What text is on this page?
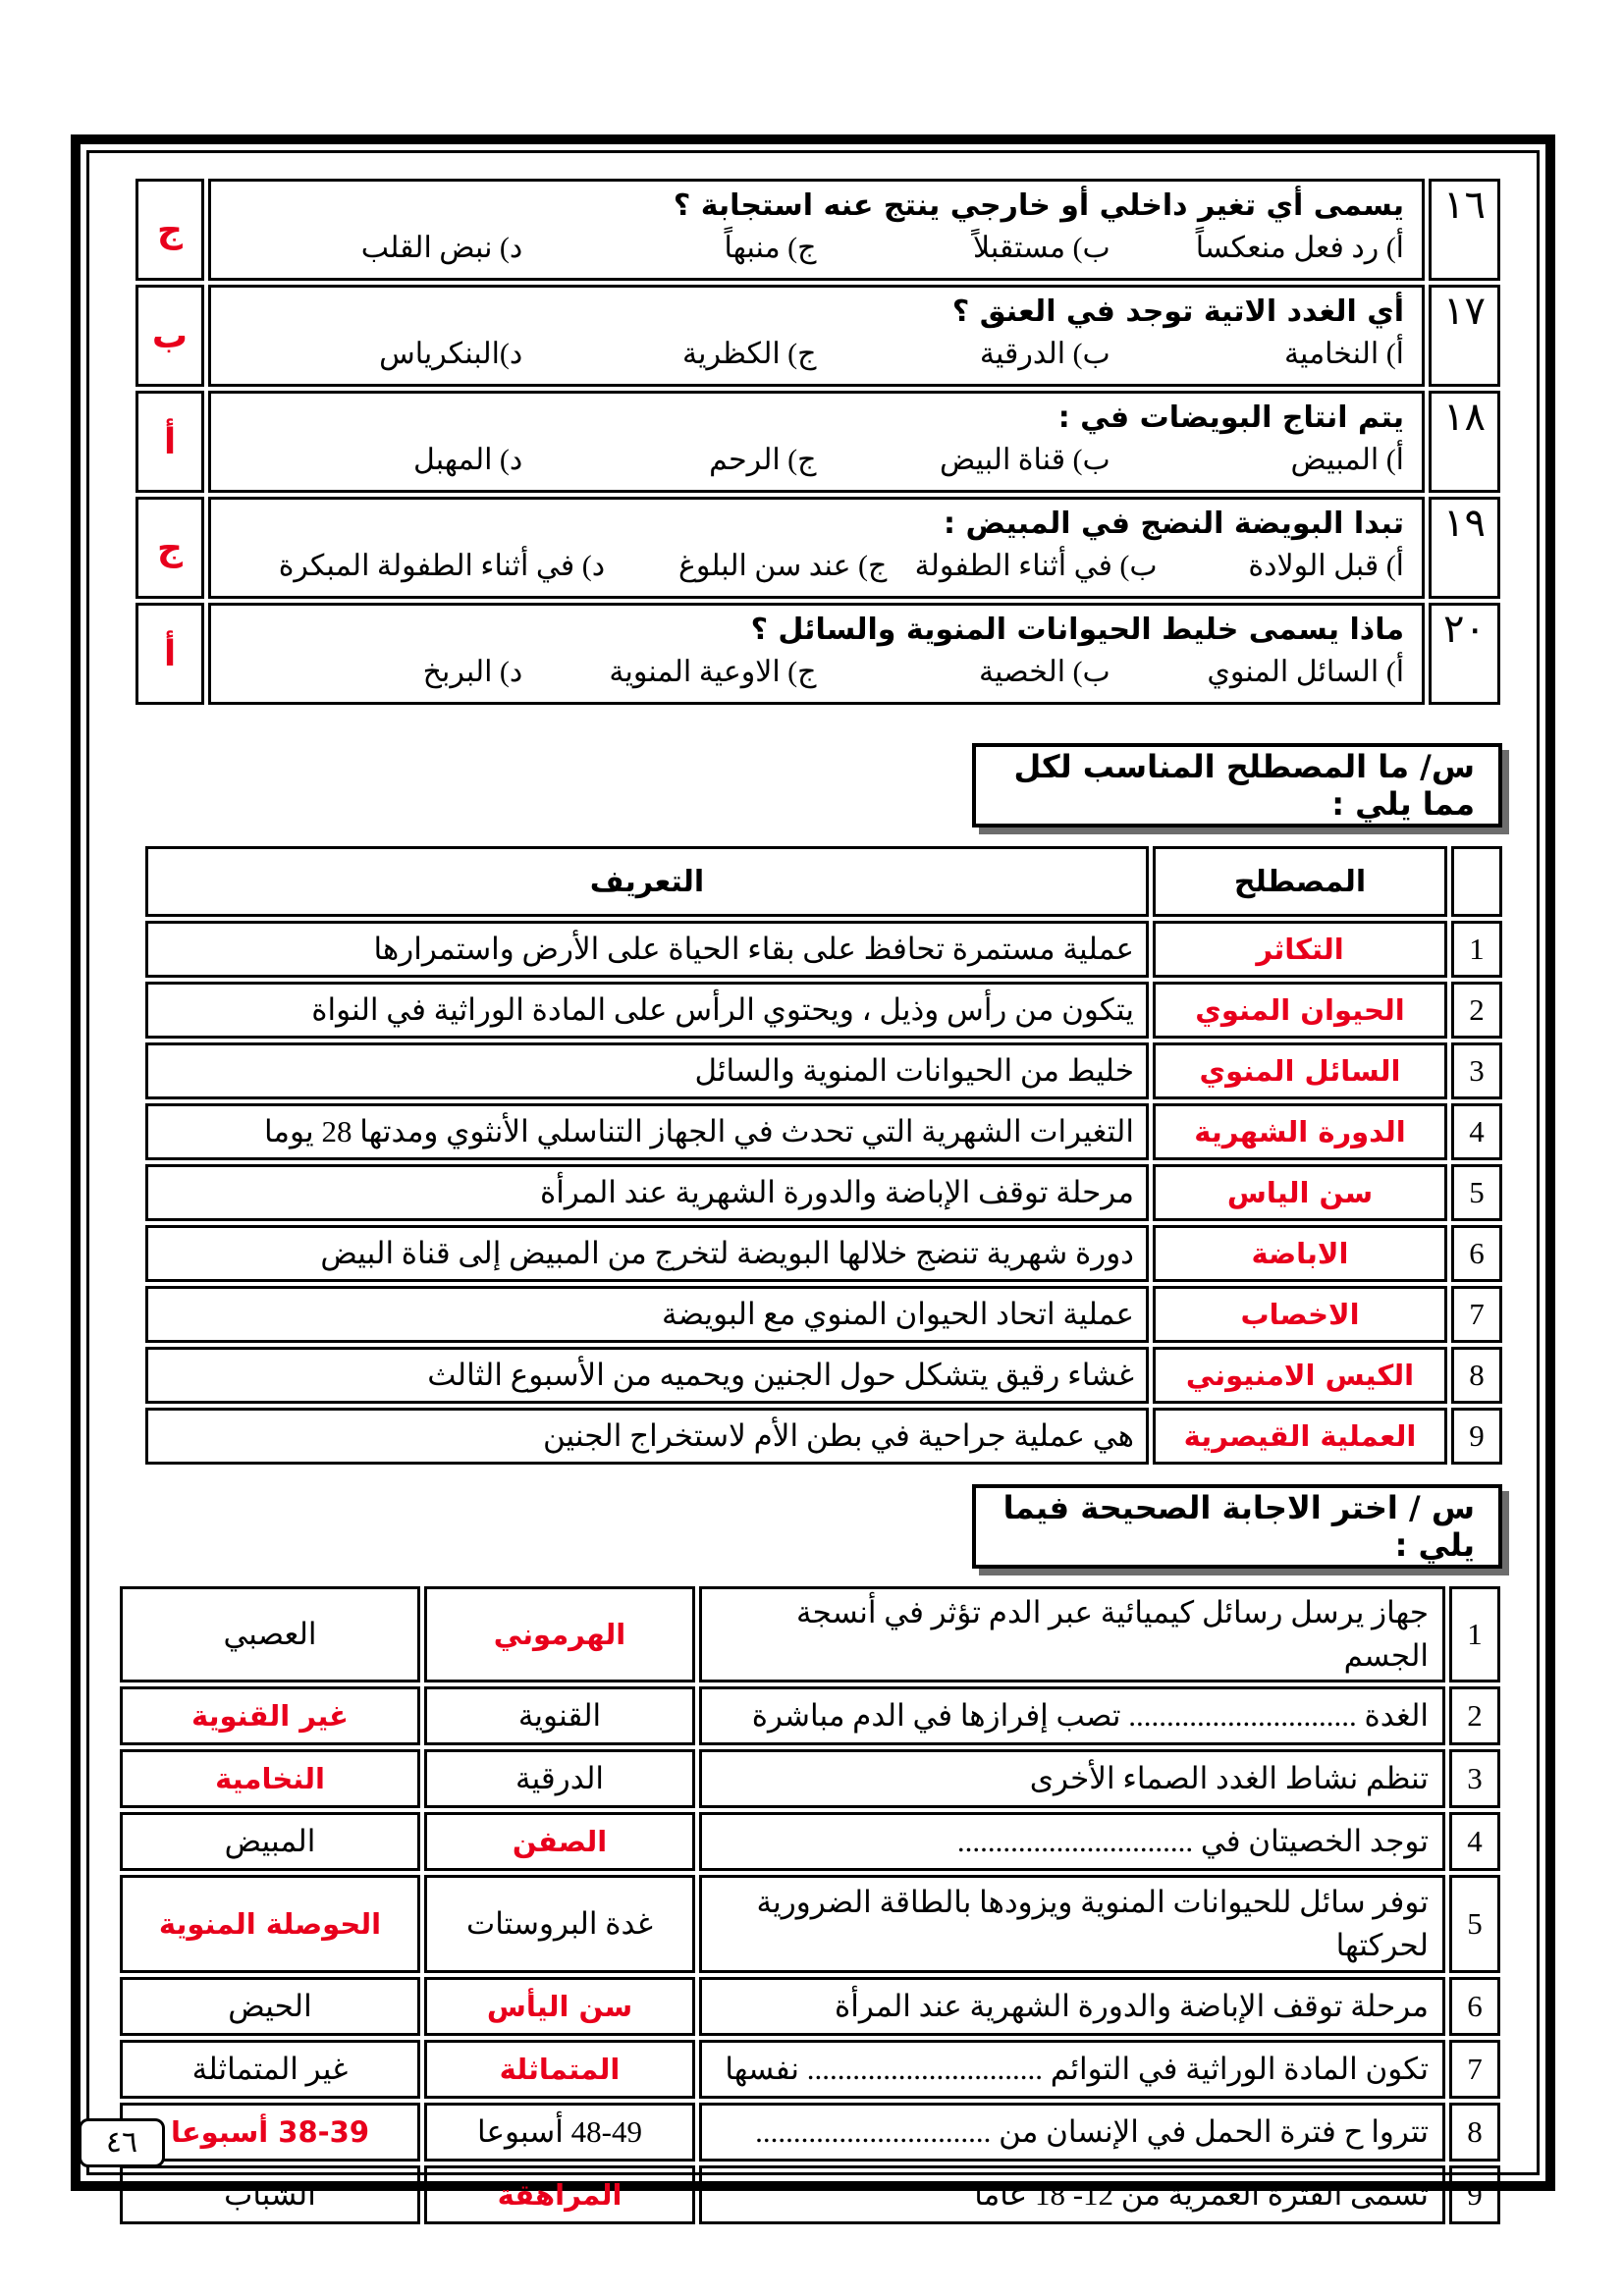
١٦	يسمى أي تغير داخلي أو خارجي ينتج عنه استجابة ؟
أ) رد فعل منعكساً
ب) مستقبلاً
ج) منبهاً
د) نبض القلب	ج
١٧	أي الغدد الاتية توجد في العنق ؟
أ) النخامية
ب) الدرقية
ج) الكظرية
د)البنكرياس	ب
١٨	يتم انتاج البويضات في :
أ) المبيض
ب) قناة البيض
ج) الرحم
د) المهبل	أ
١٩	تبدا البويضة النضج في المبيض :
أ) قبل الولادة
ب) في أثناء الطفولة
ج) عند سن البلوغ
د) في أثناء الطفولة المبكرة	ج
٢٠	ماذا يسمى خليط الحيوانات المنوية والسائل ؟
أ) السائل المنوي
ب) الخصية
ج) الاوعية المنوية
د) البربخ	أ
س/ ما المصطلح المناسب لكل مما يلي :
	المصطلح	التعريف
1	التكاثر	عملية مستمرة تحافظ على بقاء الحياة على الأرض واستمرارها
2	الحيوان المنوي	يتكون من رأس وذيل ، ويحتوي الرأس على المادة الوراثية في النواة
3	السائل المنوي	خليط من الحيوانات المنوية والسائل
4	الدورة الشهرية	التغيرات الشهرية التي تحدث في الجهاز التناسلي الأنثوي ومدتها 28 يوما
5	سن الياس	مرحلة توقف الإباضة والدورة الشهرية عند المرأة
6	الاباضة	دورة شهرية تنضج خلالها البويضة لتخرج من المبيض إلى قناة البيض
7	الاخصاب	عملية اتحاد الحيوان المنوي مع البويضة
8	الكيس الامنيوني	غشاء رقيق يتشكل حول الجنين ويحميه من الأسبوع الثالث
9	العملية القيصرية	هي عملية جراحية في بطن الأم لاستخراج الجنين
س / اختر الاجابة الصحيحة فيما يلي :
1	جهاز يرسل رسائل كيميائية عبر الدم تؤثر في أنسجة الجسم	الهرموني	العصبي
2	الغدة .............................. تصب إفرازها في الدم مباشرة	القنوية	غير القنوية
3	تنظم نشاط الغدد الصماء الأخرى	الدرقية	النخامية
4	توجد الخصيتان في ...............................	الصفن	المبيض
5	توفر سائل للحيوانات المنوية ويزودها بالطاقة الضرورية لحركتها	غدة البروستات	الحوصلة المنوية
6	مرحلة توقف الإباضة والدورة الشهرية عند المرأة	سن اليأس	الحيض
7	تكون المادة الوراثية في التوائم ............................... نفسها	المتماثلة	غير المتماثلة
8	تتروا ح فترة الحمل في الإنسان من ...............................	48-49 أسبوعا	38-39 أسبوعا
9	تسمى الفترة العمرية من 12- 18 عاما	المراهقة	الشباب
٤٦
